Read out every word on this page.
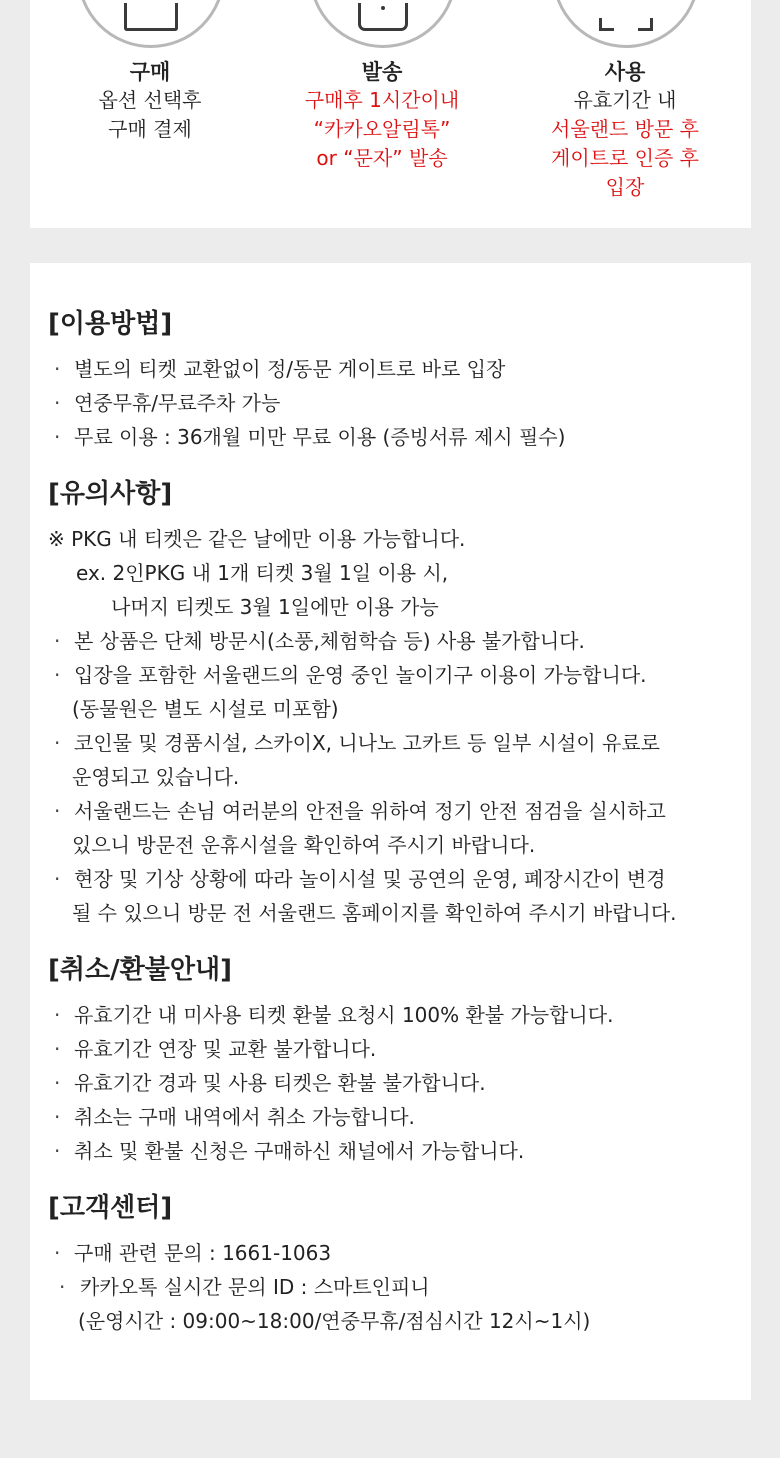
구매
옵션 선택후
구매 결제
발송
구매후 1시간이내
“카카오알림톡”
or “문자” 발송
사용
유효기간 내
서울랜드 방문 후
게이트로 인증 후
입장
[이용방법]
· 별도의 티켓 교환없이 정/동문 게이트로 바로 입장
· 연중무휴/무료주차 가능
· 무료 이용 : 36개월 미만 무료 이용 (증빙서류 제시 필수)
[유의사항]
※ PKG 내 티켓은 같은 날에만 이용 가능합니다.
ex. 2인PKG 내 1개 티켓 3월 1일 이용 시,
나머지 티켓도 3월 1일에만 이용 가능
· 본 상품은 단체 방문시(소풍,체험학습 등) 사용 불가합니다.
· 입장을 포함한 서울랜드의 운영 중인 놀이기구 이용이 가능합니다.
(동물원은 별도 시설로 미포함)
· 코인물 및 경품시설, 스카이X, 니나노 고카트 등 일부 시설이 유료로
운영되고 있습니다.
· 서울랜드는 손님 여러분의 안전을 위하여 정기 안전 점검을 실시하고
있으니 방문전 운휴시설을 확인하여 주시기 바랍니다.
· 현장 및 기상 상황에 따라 놀이시설 및 공연의 운영, 폐장시간이 변경
될 수 있으니 방문 전 서울랜드 홈페이지를 확인하여 주시기 바랍니다.
[취소/환불안내]
· 유효기간 내 미사용 티켓 환불 요청시 100% 환불 가능합니다.
· 유효기간 연장 및 교환 불가합니다.
· 유효기간 경과 및 사용 티켓은 환불 불가합니다.
· 취소는 구매 내역에서 취소 가능합니다.
· 취소 및 환불 신청은 구매하신 채널에서 가능합니다.
[고객센터]
· 구매 관련 문의 : 1661-1063
· 카카오톡 실시간 문의 ID : 스마트인피니
(운영시간 : 09:00~18:00/연중무휴/점심시간 12시~1시)
